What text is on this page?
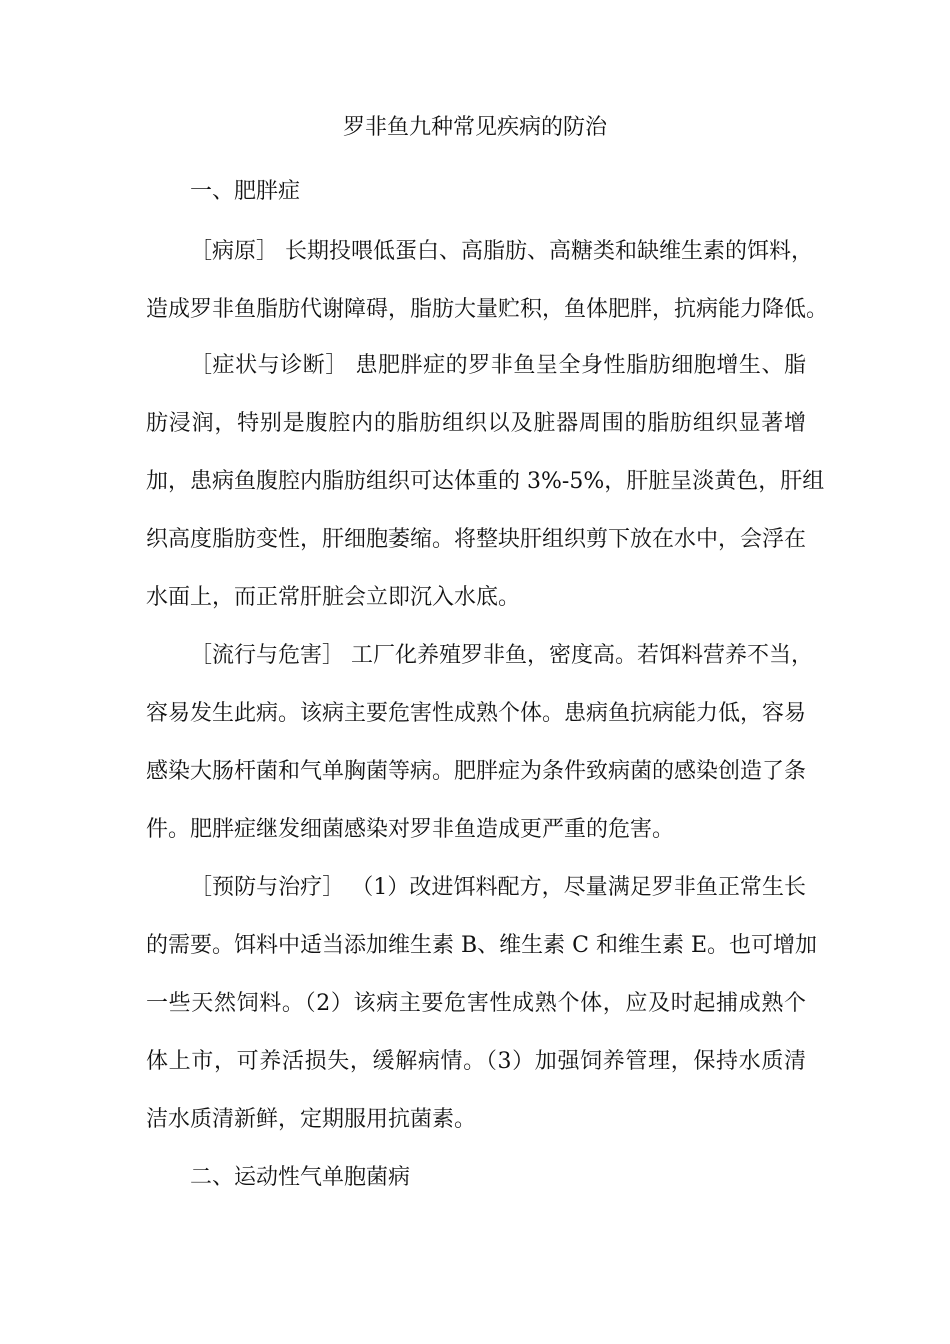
罗非鱼九种常见疾病的防治
一、肥胖症

［病原］ 长期投喂低蛋白、高脂肪、高糖类和缺维生素的饵料，

造成罗非鱼脂肪代谢障碍，脂肪大量贮积，鱼体肥胖，抗病能力降低。

［症状与诊断］ 患肥胖症的罗非鱼呈全身性脂肪细胞增生、脂

肪浸润，特别是腹腔内的脂肪组织以及脏器周围的脂肪组织显著增

加，患病鱼腹腔内脂肪组织可达体重的 3%-5%，肝脏呈淡黄色，肝组

织高度脂肪变性，肝细胞萎缩。将整块肝组织剪下放在水中，会浮在

水面上，而正常肝脏会立即沉入水底。

［流行与危害］ 工厂化养殖罗非鱼，密度高。若饵料营养不当，

容易发生此病。该病主要危害性成熟个体。患病鱼抗病能力低，容易

感染大肠杆菌和气单胸菌等病。肥胖症为条件致病菌的感染创造了条

件。肥胖症继发细菌感染对罗非鱼造成更严重的危害。

［预防与治疗］ （1）改进饵料配方，尽量满足罗非鱼正常生长

的需要。饵料中适当添加维生素 B、维生素 C 和维生素 E。也可增加

一些天然饲料。（2）该病主要危害性成熟个体，应及时起捕成熟个

体上市，可养活损失，缓解病情。（3）加强饲养管理，保持水质清

洁水质清新鲜，定期服用抗菌素。

二、运动性气单胞菌病
